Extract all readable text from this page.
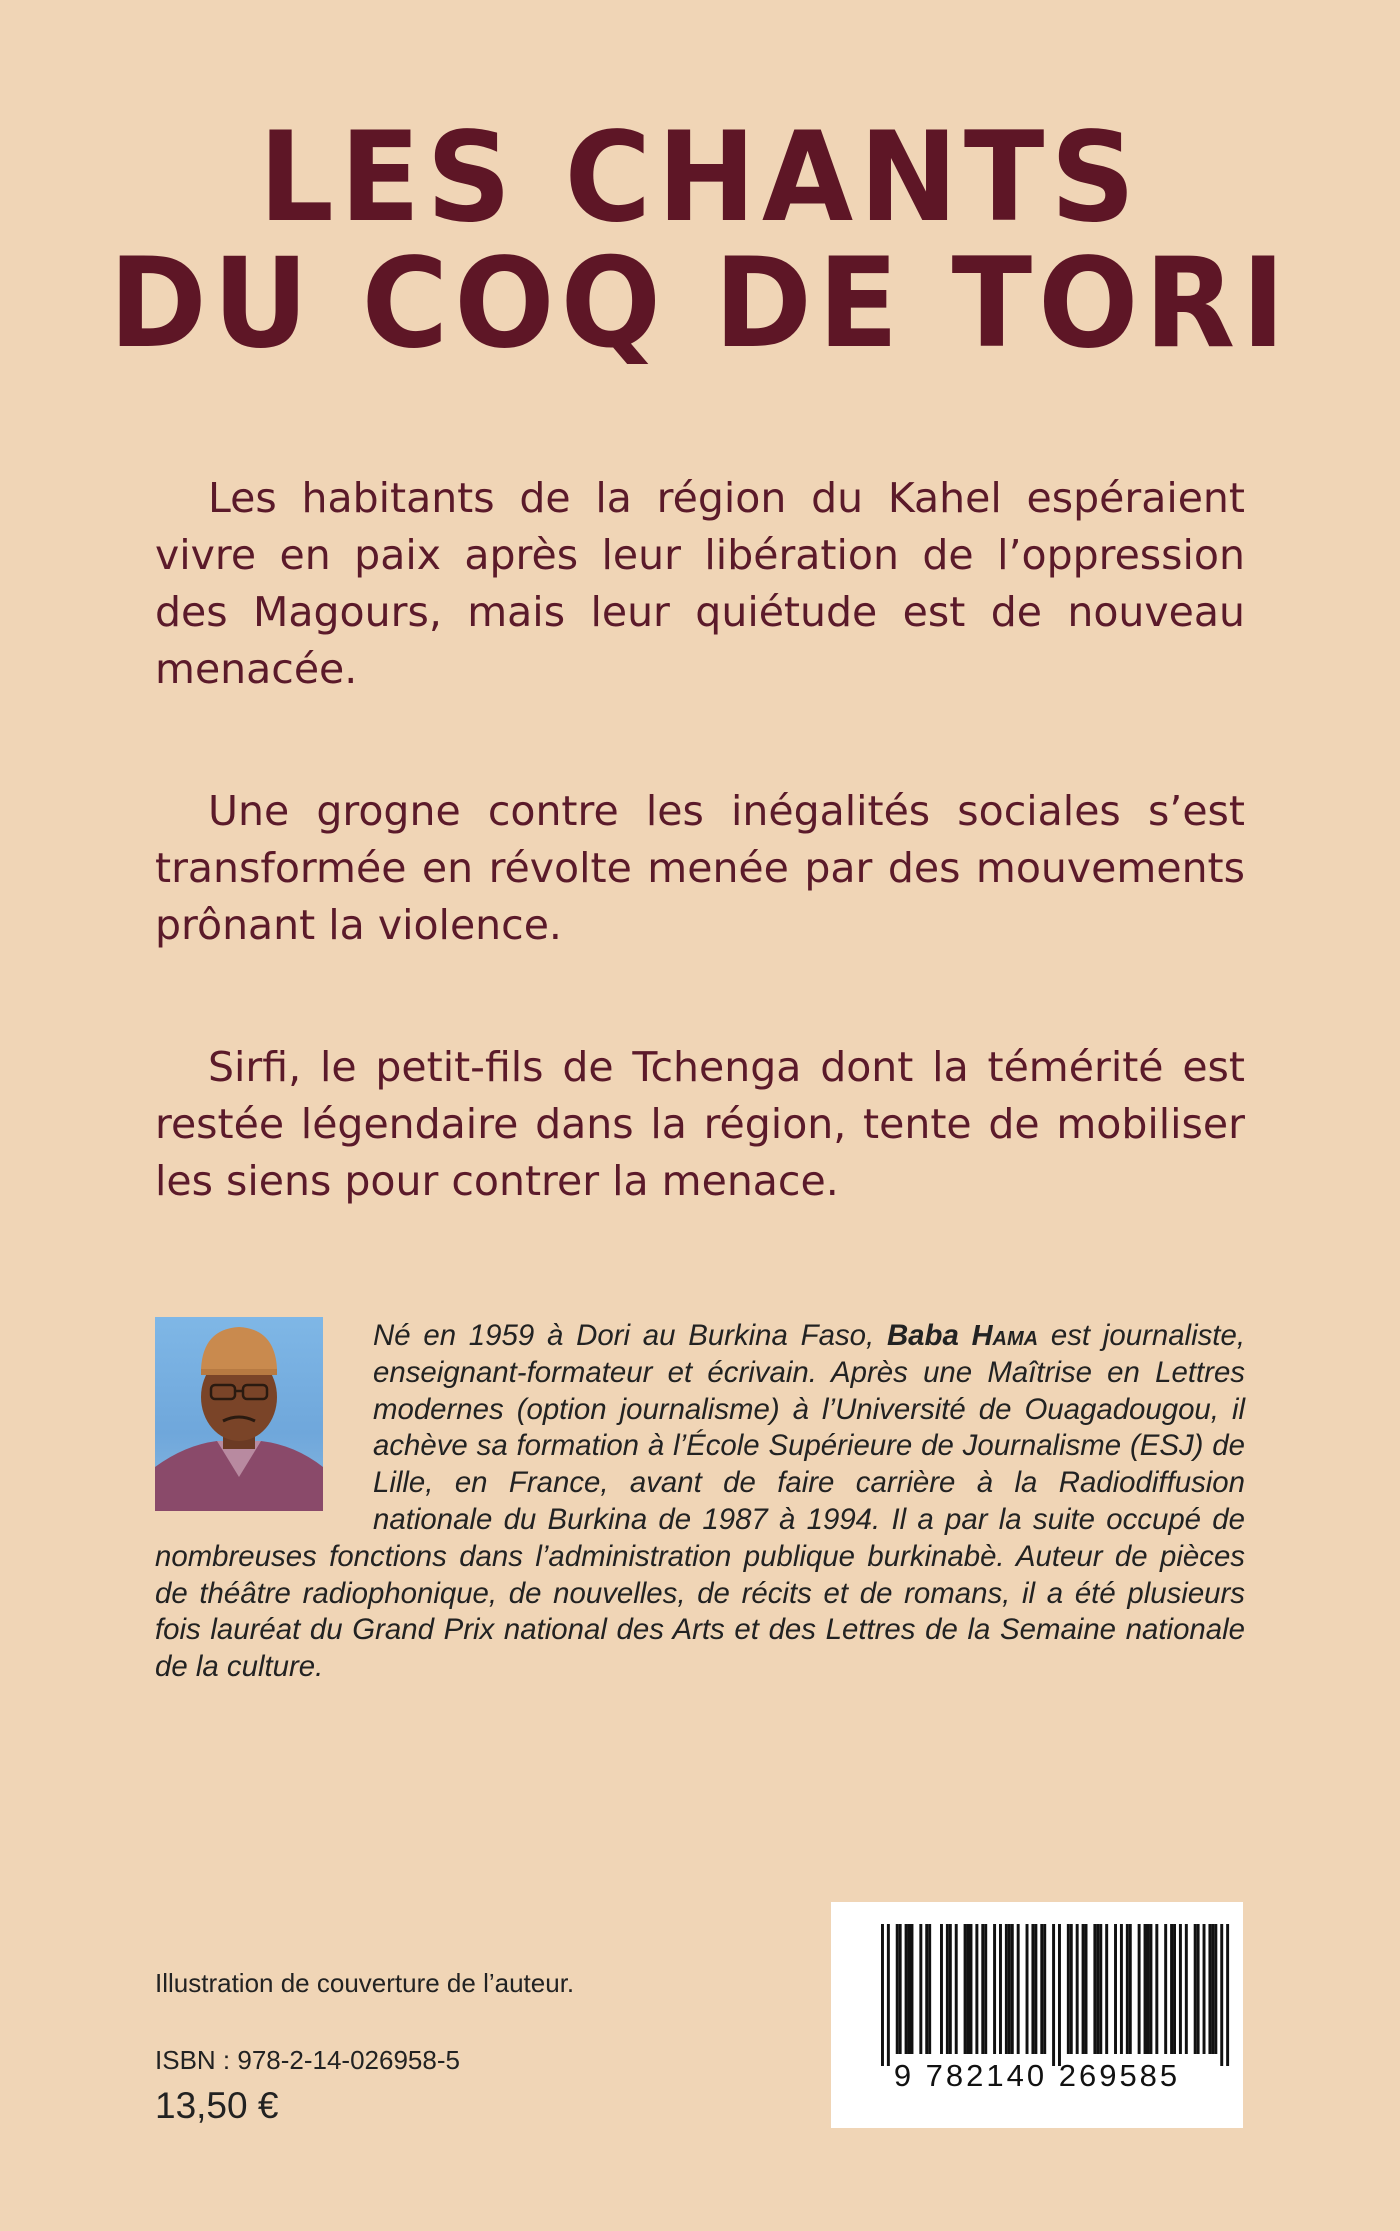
LES CHANTS
DU COQ DE TORI

Les habitants de la région du Kahel espéraient vivre en paix après leur libération de l’oppression des Magours, mais leur quiétude est de nouveau menacée.

Une grogne contre les inégalités sociales s’est transformée en révolte menée par des mouvements prônant la violence.

Sirfi, le petit-fils de Tchenga dont la témérité est restée légendaire dans la région, tente de mobiliser les siens pour contrer la menace.

Né en 1959 à Dori au Burkina Faso, Baba Hama est journaliste, enseignant-formateur et écrivain. Après une Maîtrise en Lettres modernes (option journalisme) à l’Université de Ouagadougou, il achève sa formation à l’École Supérieure de Journalisme (ESJ) de Lille, en France, avant de faire carrière à la Radiodiffusion nationale du Burkina de 1987 à 1994. Il a par la suite occupé de nombreuses fonctions dans l’administration publique burkinabè. Auteur de pièces de théâtre radiophonique, de nouvelles, de récits et de romans, il a été plusieurs fois lauréat du Grand Prix national des Arts et des Lettres de la Semaine nationale de la culture.
Illustration de couverture de l’auteur.
ISBN : 978-2-14-026958-5
13,50 €
9 782140 269585
